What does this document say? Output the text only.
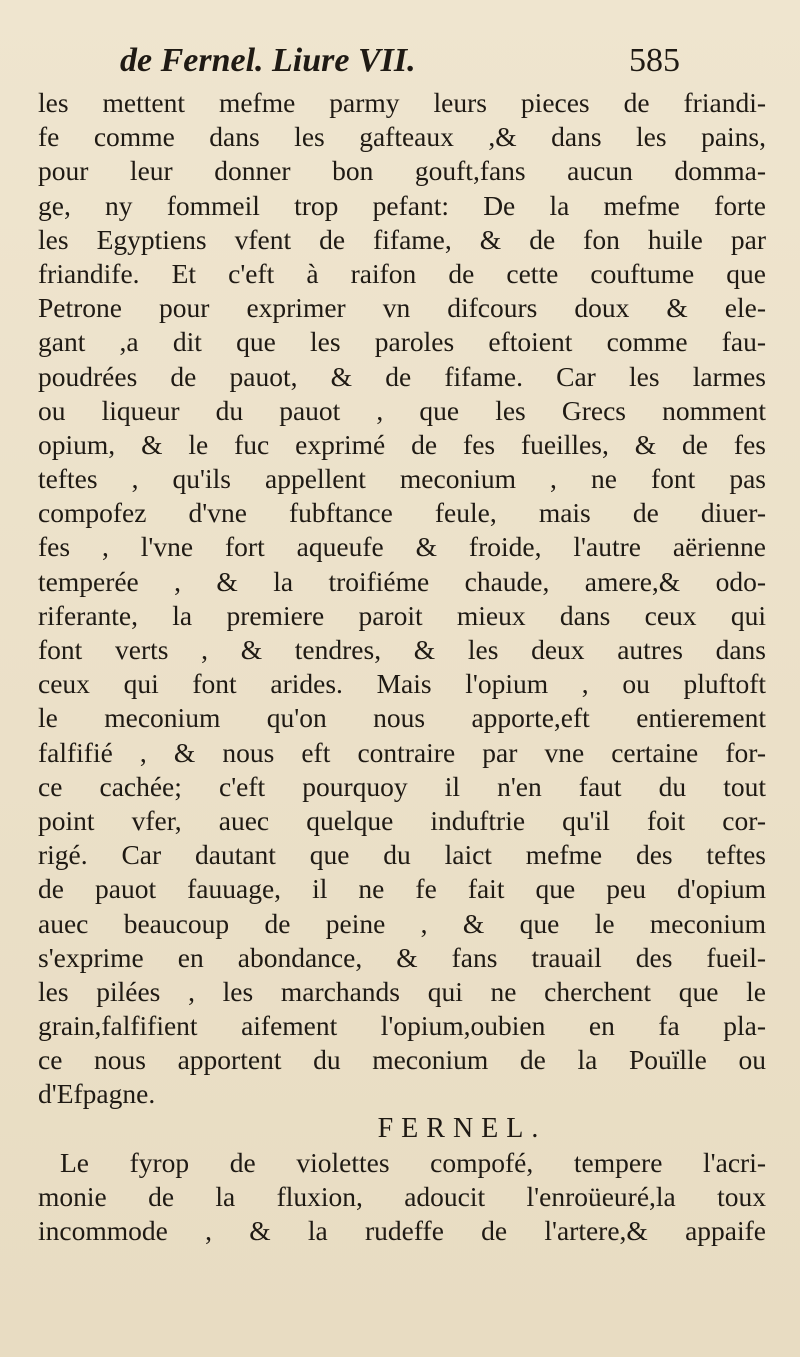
de Fernel. Liure VII.	585
les mettent mefme parmy leurs pieces de friandi-
fe comme dans les gafteaux ,& dans les pains,
pour leur donner bon gouft,fans aucun domma-
ge, ny fommeil trop pefant: De la mefme forte
les Egyptiens vfent de fifame, & de fon huile par
friandife. Et c'eft à raifon de cette couftume que
Petrone pour exprimer vn difcours doux & ele-
gant ,a dit que les paroles eftoient comme fau-
poudrées de pauot, & de fifame. Car les larmes
ou liqueur du pauot , que les Grecs nomment
opium, & le fuc exprimé de fes fueilles, & de fes
teftes , qu'ils appellent meconium , ne font pas
compofez d'vne fubftance feule, mais de diuer-
fes , l'vne fort aqueufe & froide, l'autre aërienne
temperée , & la troifiéme chaude, amere,& odo-
riferante, la premiere paroit mieux dans ceux qui
font verts , & tendres, & les deux autres dans
ceux qui font arides. Mais l'opium , ou pluftoft
le meconium qu'on nous apporte,eft entierement
falfifié , & nous eft contraire par vne certaine for-
ce cachée; c'eft pourquoy il n'en faut du tout
point vfer, auec quelque induftrie qu'il foit cor-
rigé. Car dautant que du laict mefme des teftes
de pauot fauuage, il ne fe fait que peu d'opium
auec beaucoup de peine , & que le meconium
s'exprime en abondance, & fans trauail des fueil-
les pilées , les marchands qui ne cherchent que le
grain,falfifient aifement l'opium,oubien en fa pla-
ce nous apportent du meconium de la Pouïlle ou
d'Efpagne.
FERNEL.
Le fyrop de violettes compofé, tempere l'acri-
monie de la fluxion, adoucit l'enroüeuré,la toux
incommode , & la rudeffe de l'artere,& appaife
